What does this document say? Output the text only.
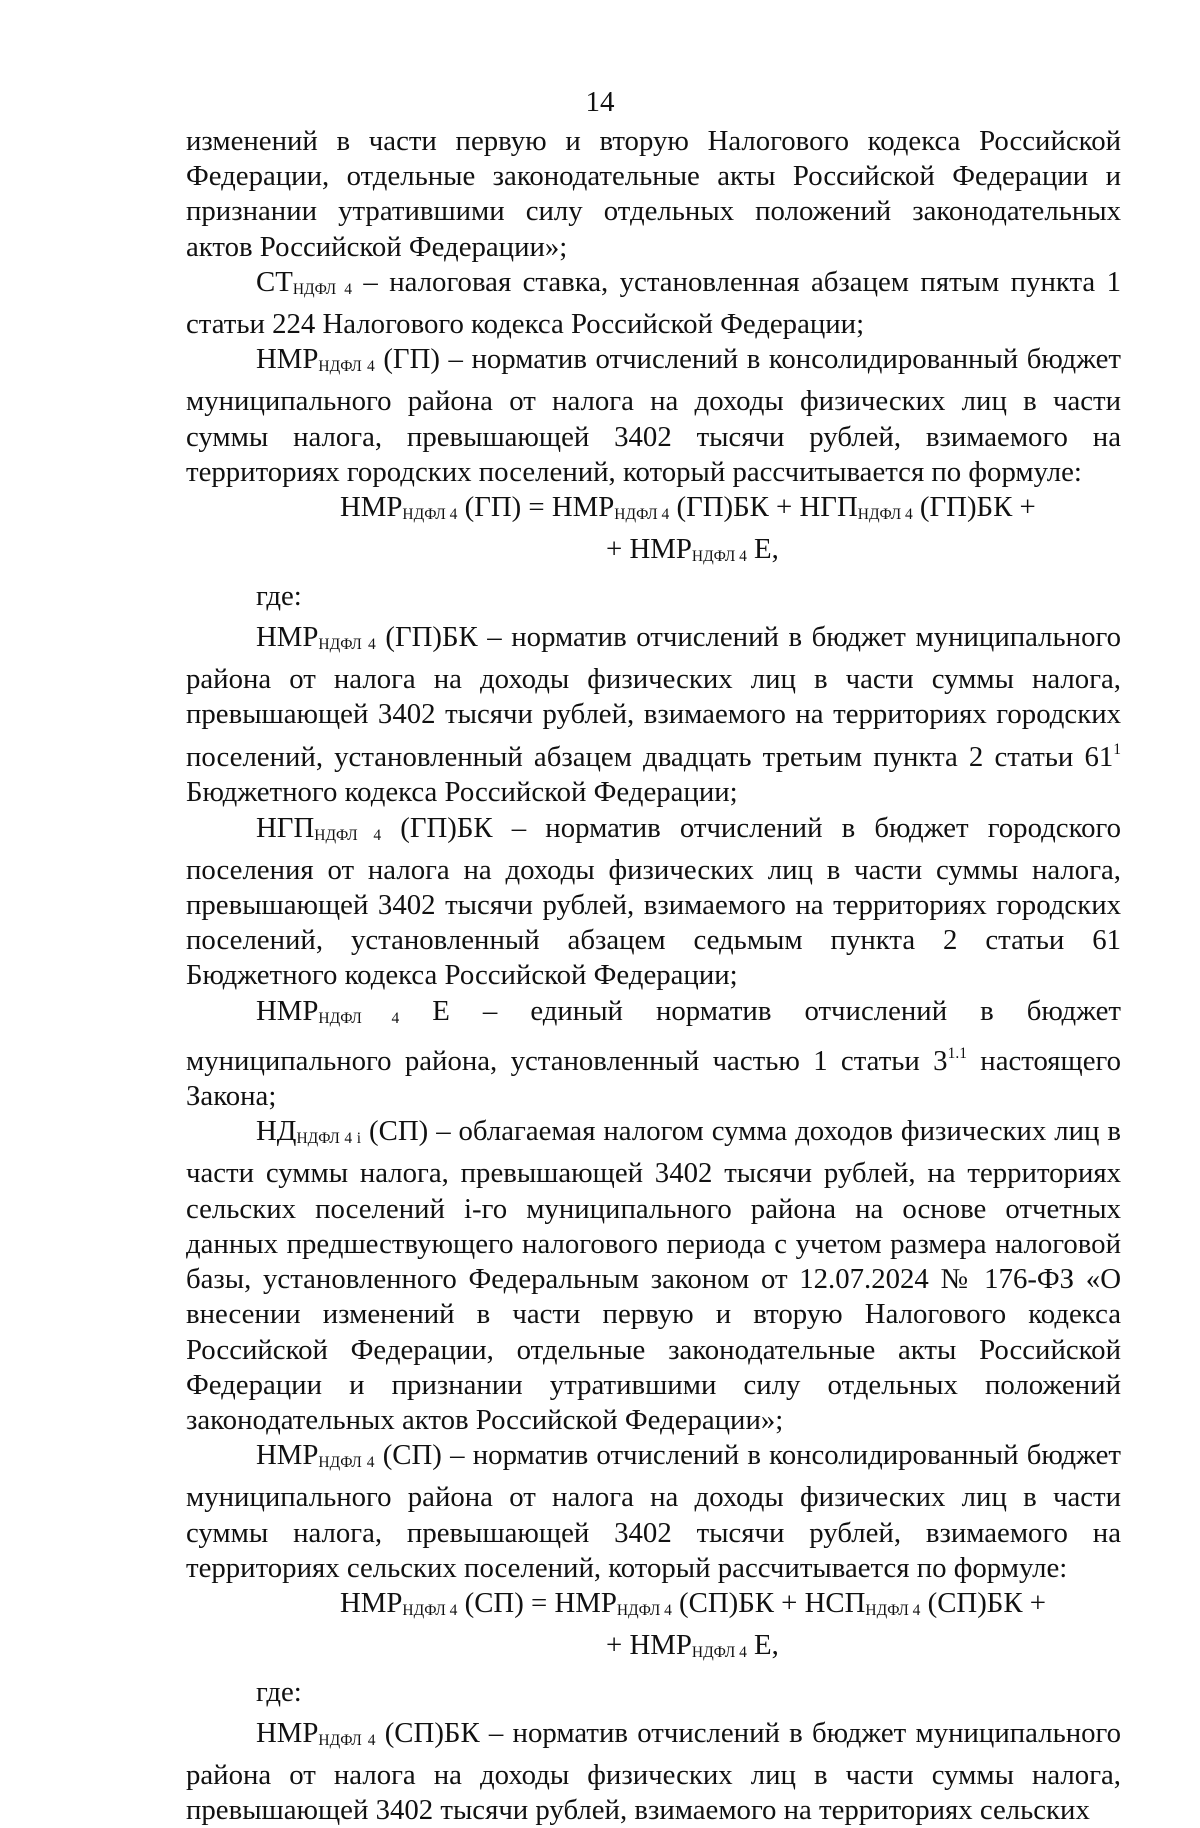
14

изменений в части первую и вторую Налогового кодекса Российской Федерации, отдельные законодательные акты Российской Федерации и признании утратившими силу отдельных положений законодательных актов Российской Федерации»;

СТНДФЛ 4 – налоговая ставка, установленная абзацем пятым пункта 1 статьи 224 Налогового кодекса Российской Федерации;

НМРНДФЛ 4 (ГП) – норматив отчислений в консолидированный бюджет муниципального района от налога на доходы физических лиц в части суммы налога, превышающей 3402 тысячи рублей, взимаемого на территориях городских поселений, который рассчитывается по формуле:

НМРНДФЛ 4 (ГП) = НМРНДФЛ 4 (ГП)БК + НГПНДФЛ 4 (ГП)БК +
+ НМРНДФЛ 4 Е,
где:

НМРНДФЛ 4 (ГП)БК – норматив отчислений в бюджет муниципального района от налога на доходы физических лиц в части суммы налога, превышающей 3402 тысячи рублей, взимаемого на территориях городских поселений, установленный абзацем двадцать третьим пункта 2 статьи $61^1$ Бюджетного кодекса Российской Федерации;

НГПНДФЛ 4 (ГП)БК – норматив отчислений в бюджет городского поселения от налога на доходы физических лиц в части суммы налога, превышающей 3402 тысячи рублей, взимаемого на территориях городских поселений, установленный абзацем седьмым пункта 2 статьи 61 Бюджетного кодекса Российской Федерации;

НМРНДФЛ 4 Е – единый норматив отчислений в бюджет муниципального района, установленный частью 1 статьи $3^{1.1}$ настоящего Закона;

НДНДФЛ 4 i (СП) – облагаемая налогом сумма доходов физических лиц в части суммы налога, превышающей 3402 тысячи рублей, на территориях сельских поселений i-го муниципального района на основе отчетных данных предшествующего налогового периода с учетом размера налоговой базы, установленного Федеральным законом от 12.07.2024 № 176-ФЗ «О внесении изменений в части первую и вторую Налогового кодекса Российской Федерации, отдельные законодательные акты Российской Федерации и признании утратившими силу отдельных положений законодательных актов Российской Федерации»;

НМРНДФЛ 4 (СП) – норматив отчислений в консолидированный бюджет муниципального района от налога на доходы физических лиц в части суммы налога, превышающей 3402 тысячи рублей, взимаемого на территориях сельских поселений, который рассчитывается по формуле:

НМРНДФЛ 4 (СП) = НМРНДФЛ 4 (СП)БК + НСПНДФЛ 4 (СП)БК +
+ НМРНДФЛ 4 Е,
где:

НМРНДФЛ 4 (СП)БК – норматив отчислений в бюджет муниципального района от налога на доходы физических лиц в части суммы налога, превышающей 3402 тысячи рублей, взимаемого на территориях сельских
